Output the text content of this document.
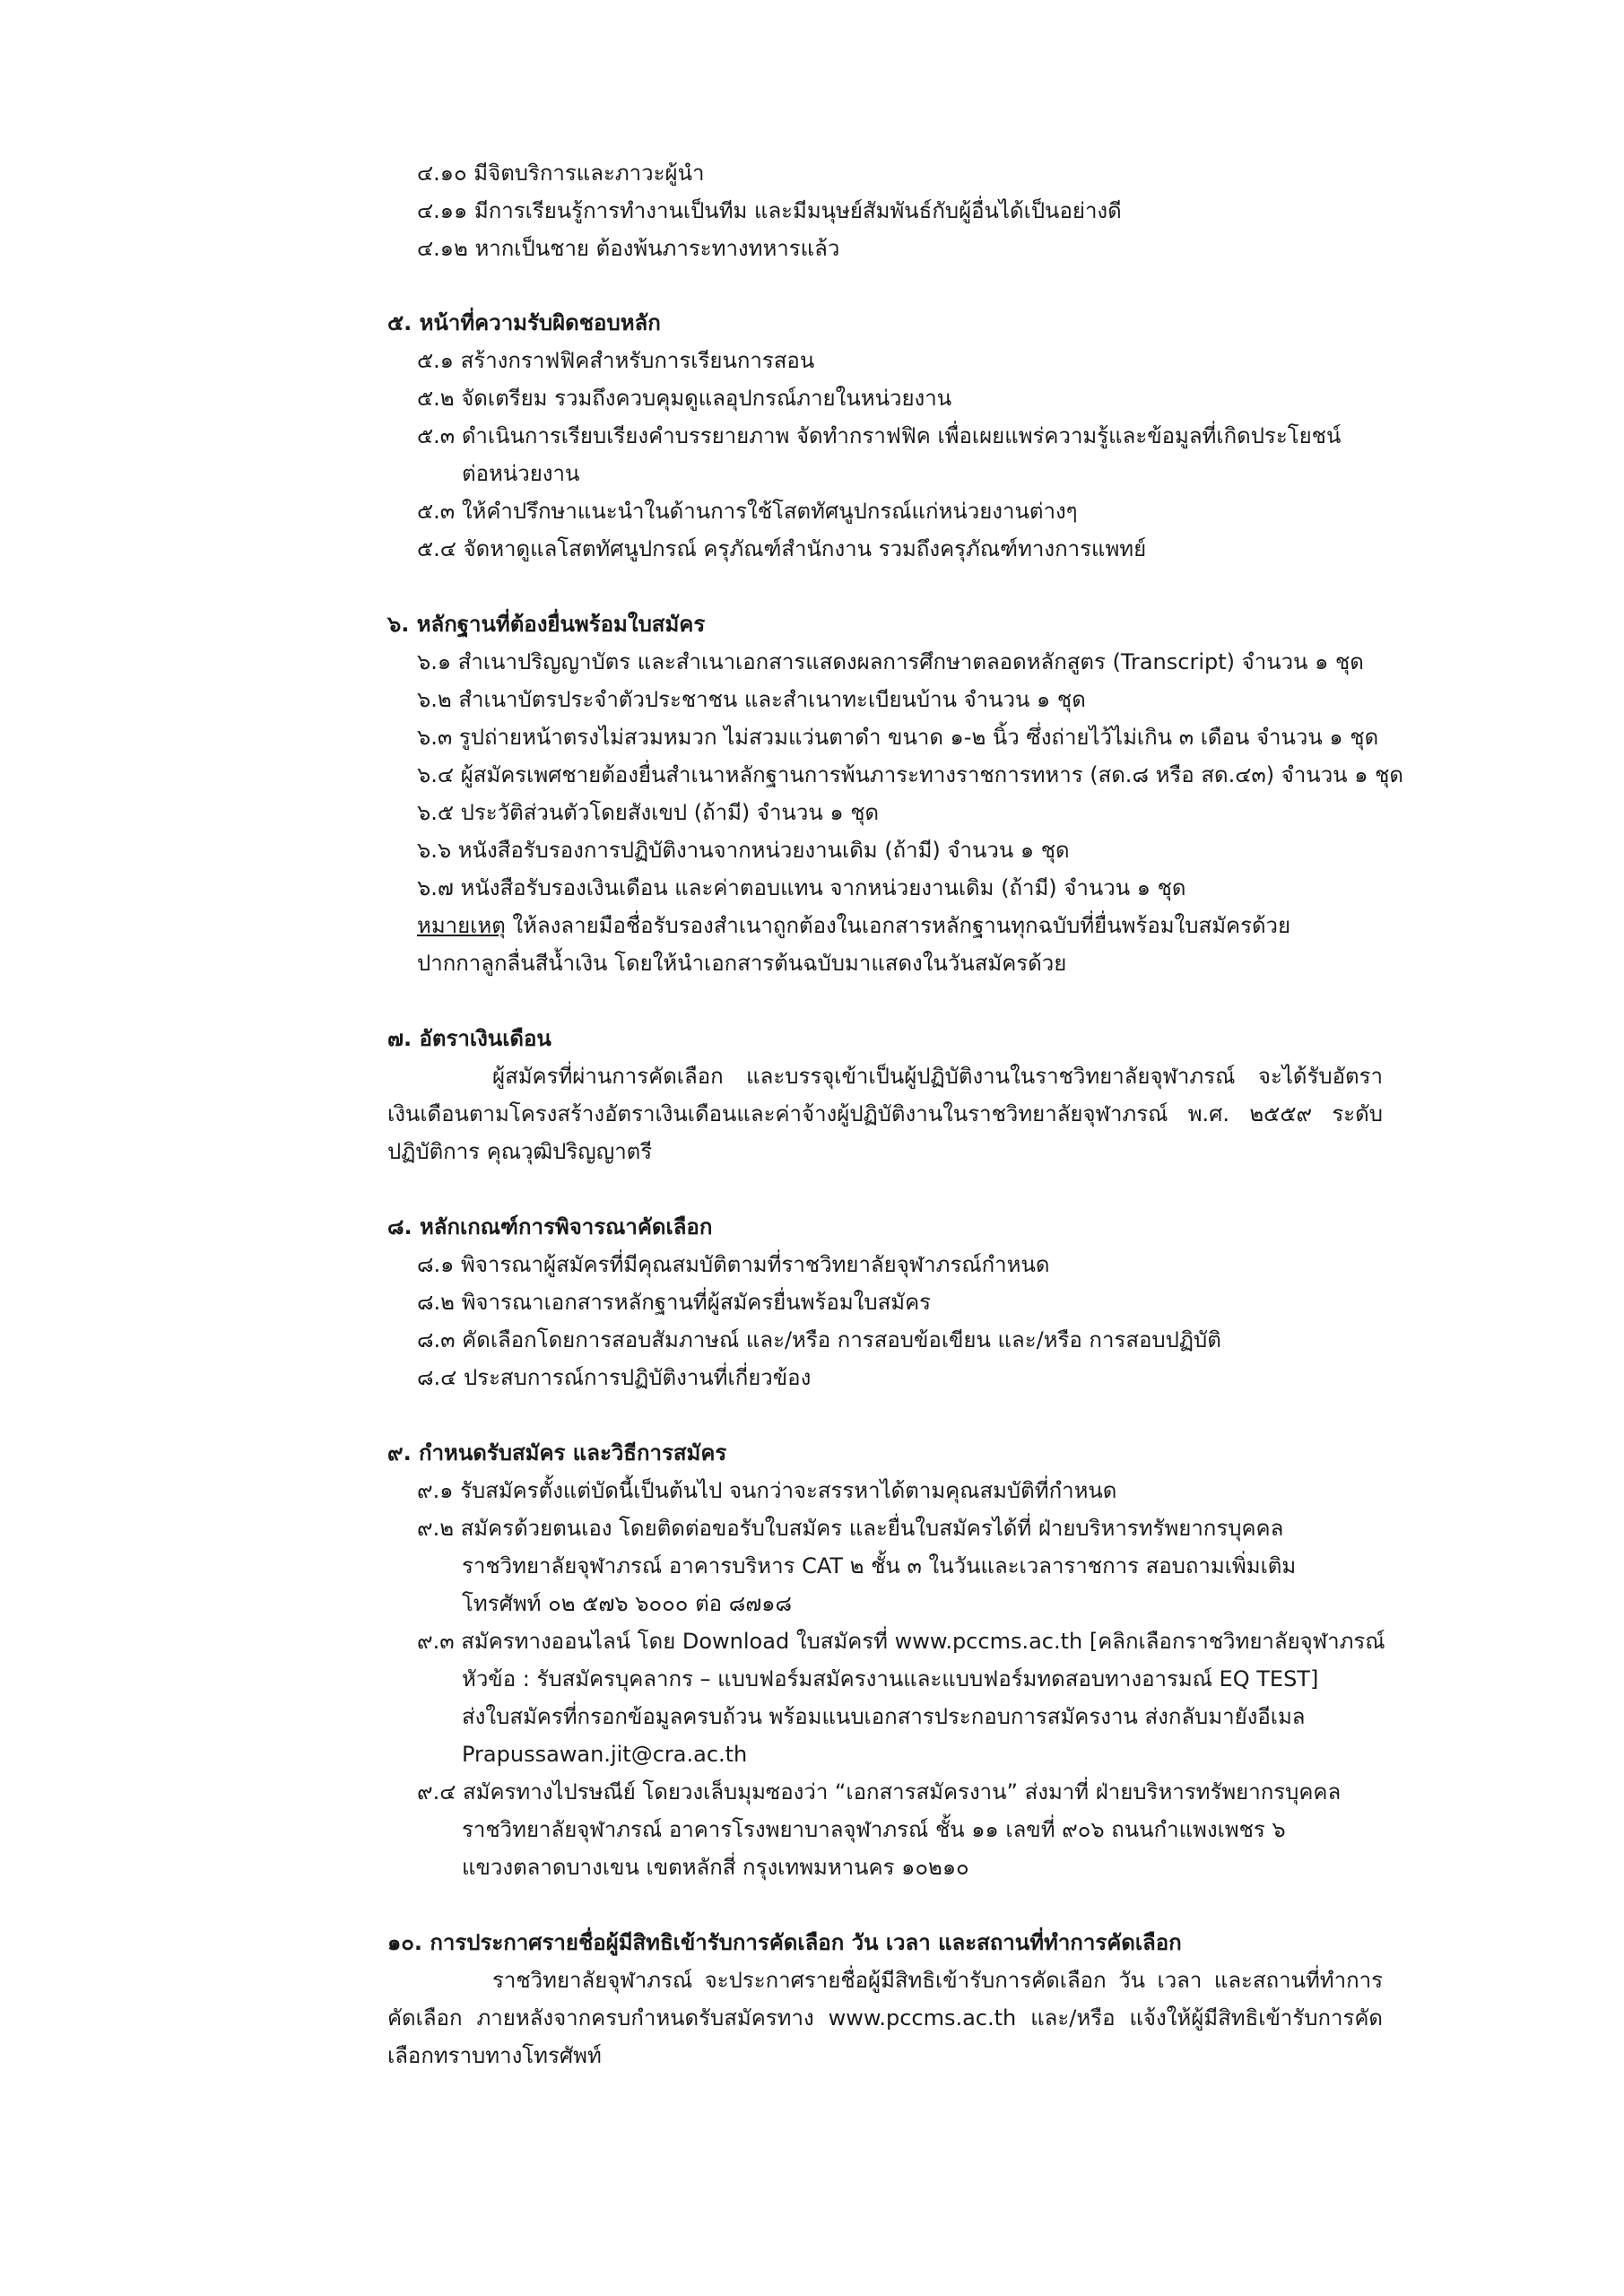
๔.๑๐ มีจิตบริการและภาวะผู้นำ
๔.๑๑ มีการเรียนรู้การทำงานเป็นทีม และมีมนุษย์สัมพันธ์กับผู้อื่นได้เป็นอย่างดี
๔.๑๒ หากเป็นชาย ต้องพ้นภาระทางทหารแล้ว
๕. หน้าที่ความรับผิดชอบหลัก
๕.๑ สร้างกราฟฟิคสำหรับการเรียนการสอน
๕.๒ จัดเตรียม รวมถึงควบคุมดูแลอุปกรณ์ภายในหน่วยงาน
๕.๓ ดำเนินการเรียบเรียงคำบรรยายภาพ จัดทำกราฟฟิค เพื่อเผยแพร่ความรู้และข้อมูลที่เกิดประโยชน์
ต่อหน่วยงาน
๕.๓ ให้คำปรึกษาแนะนำในด้านการใช้โสตทัศนูปกรณ์แก่หน่วยงานต่างๆ
๕.๔ จัดหาดูแลโสตทัศนูปกรณ์ ครุภัณฑ์สำนักงาน รวมถึงครุภัณฑ์ทางการแพทย์
๖. หลักฐานที่ต้องยื่นพร้อมใบสมัคร
๖.๑ สำเนาปริญญาบัตร และสำเนาเอกสารแสดงผลการศึกษาตลอดหลักสูตร (Transcript) จำนวน ๑ ชุด
๖.๒ สำเนาบัตรประจำตัวประชาชน และสำเนาทะเบียนบ้าน จำนวน ๑ ชุด
๖.๓ รูปถ่ายหน้าตรงไม่สวมหมวก ไม่สวมแว่นตาดำ ขนาด ๑-๒ นิ้ว ซึ่งถ่ายไว้ไม่เกิน ๓ เดือน จำนวน ๑ ชุด
๖.๔ ผู้สมัครเพศชายต้องยื่นสำเนาหลักฐานการพ้นภาระทางราชการทหาร (สด.๘ หรือ สด.๔๓) จำนวน ๑ ชุด
๖.๕ ประวัติส่วนตัวโดยสังเขป (ถ้ามี) จำนวน ๑ ชุด
๖.๖ หนังสือรับรองการปฏิบัติงานจากหน่วยงานเดิม (ถ้ามี) จำนวน ๑ ชุด
๖.๗ หนังสือรับรองเงินเดือน และค่าตอบแทน จากหน่วยงานเดิม (ถ้ามี) จำนวน ๑ ชุด
หมายเหตุ ให้ลงลายมือชื่อรับรองสำเนาถูกต้องในเอกสารหลักฐานทุกฉบับที่ยื่นพร้อมใบสมัครด้วย
ปากกาลูกลื่นสีน้ำเงิน โดยให้นำเอกสารต้นฉบับมาแสดงในวันสมัครด้วย
๗. อัตราเงินเดือน
ผู้สมัครที่ผ่านการคัดเลือก และบรรจุเข้าเป็นผู้ปฏิบัติงานในราชวิทยาลัยจุฬาภรณ์ จะได้รับอัตราเงินเดือนตามโครงสร้างอัตราเงินเดือนและค่าจ้างผู้ปฏิบัติงานในราชวิทยาลัยจุฬาภรณ์ พ.ศ. ๒๕๕๙ ระดับปฏิบัติการ คุณวุฒิปริญญาตรี
๘. หลักเกณฑ์การพิจารณาคัดเลือก
๘.๑ พิจารณาผู้สมัครที่มีคุณสมบัติตามที่ราชวิทยาลัยจุฬาภรณ์กำหนด
๘.๒ พิจารณาเอกสารหลักฐานที่ผู้สมัครยื่นพร้อมใบสมัคร
๘.๓ คัดเลือกโดยการสอบสัมภาษณ์ และ/หรือ การสอบข้อเขียน และ/หรือ การสอบปฏิบัติ
๘.๔ ประสบการณ์การปฏิบัติงานที่เกี่ยวข้อง
๙. กำหนดรับสมัคร และวิธีการสมัคร
๙.๑ รับสมัครตั้งแต่บัดนี้เป็นต้นไป จนกว่าจะสรรหาได้ตามคุณสมบัติที่กำหนด
๙.๒ สมัครด้วยตนเอง โดยติดต่อขอรับใบสมัคร และยื่นใบสมัครได้ที่ ฝ่ายบริหารทรัพยากรบุคคล
ราชวิทยาลัยจุฬาภรณ์ อาคารบริหาร CAT ๒ ชั้น ๓ ในวันและเวลาราชการ สอบถามเพิ่มเติม
โทรศัพท์ ๐๒ ๕๗๖ ๖๐๐๐ ต่อ ๘๗๑๘
๙.๓ สมัครทางออนไลน์ โดย Download ใบสมัครที่ www.pccms.ac.th [คลิกเลือกราชวิทยาลัยจุฬาภรณ์
หัวข้อ : รับสมัครบุคลากร – แบบฟอร์มสมัครงานและแบบฟอร์มทดสอบทางอารมณ์ EQ TEST]
ส่งใบสมัครที่กรอกข้อมูลครบถ้วน พร้อมแนบเอกสารประกอบการสมัครงาน ส่งกลับมายังอีเมล
Prapussawan.jit@cra.ac.th
๙.๔ สมัครทางไปรษณีย์ โดยวงเล็บมุมซองว่า “เอกสารสมัครงาน” ส่งมาที่ ฝ่ายบริหารทรัพยากรบุคคล
ราชวิทยาลัยจุฬาภรณ์ อาคารโรงพยาบาลจุฬาภรณ์ ชั้น ๑๑ เลขที่ ๙๐๖ ถนนกำแพงเพชร ๖
แขวงตลาดบางเขน เขตหลักสี่ กรุงเทพมหานคร ๑๐๒๑๐
๑๐. การประกาศรายชื่อผู้มีสิทธิเข้ารับการคัดเลือก วัน เวลา และสถานที่ทำการคัดเลือก
ราชวิทยาลัยจุฬาภรณ์ จะประกาศรายชื่อผู้มีสิทธิเข้ารับการคัดเลือก วัน เวลา และสถานที่ทำการคัดเลือก ภายหลังจากครบกำหนดรับสมัครทาง www.pccms.ac.th และ/หรือ แจ้งให้ผู้มีสิทธิเข้ารับการคัดเลือกทราบทางโทรศัพท์
